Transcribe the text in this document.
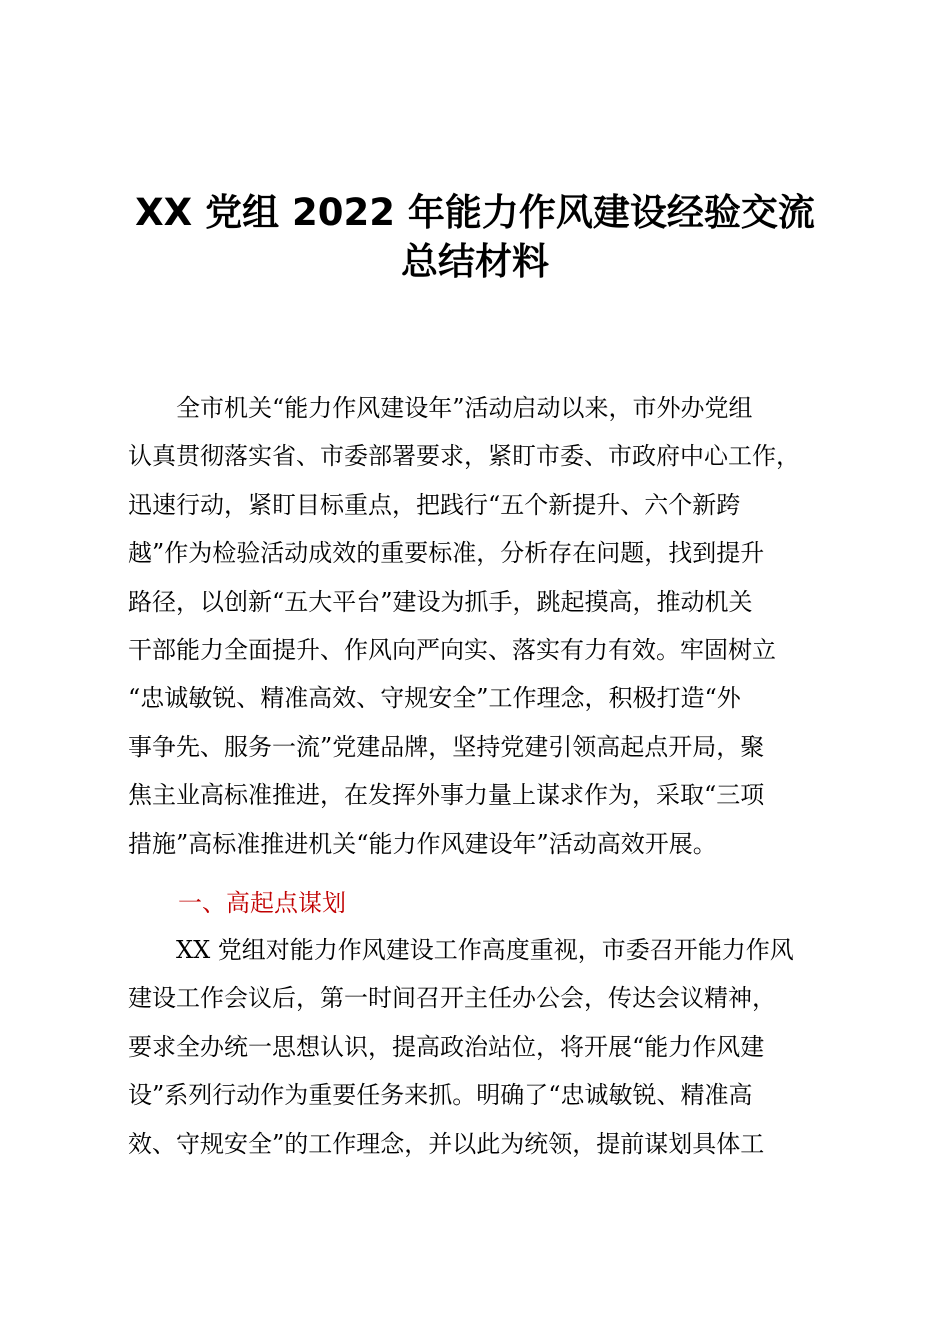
XX 党组 2022 年能力作风建设经验交流
总结材料
　　全市机关“能力作风建设年”活动启动以来，市外办党组
认真贯彻落实省、市委部署要求，紧盯市委、市政府中心工作，
迅速行动，紧盯目标重点，把践行“五个新提升、六个新跨
越”作为检验活动成效的重要标准，分析存在问题，找到提升
路径，以创新“五大平台”建设为抓手，跳起摸高，推动机关
干部能力全面提升、作风向严向实、落实有力有效。牢固树立
“忠诚敏锐、精准高效、守规安全”工作理念，积极打造“外
事争先、服务一流”党建品牌，坚持党建引领高起点开局，聚
焦主业高标准推进，在发挥外事力量上谋求作为，采取“三项
措施”高标准推进机关“能力作风建设年”活动高效开展。
一、高起点谋划
　　XX 党组对能力作风建设工作高度重视，市委召开能力作风
建设工作会议后，第一时间召开主任办公会，传达会议精神，
要求全办统一思想认识，提高政治站位，将开展“能力作风建
设”系列行动作为重要任务来抓。明确了“忠诚敏锐、精准高
效、守规安全”的工作理念，并以此为统领，提前谋划具体工
